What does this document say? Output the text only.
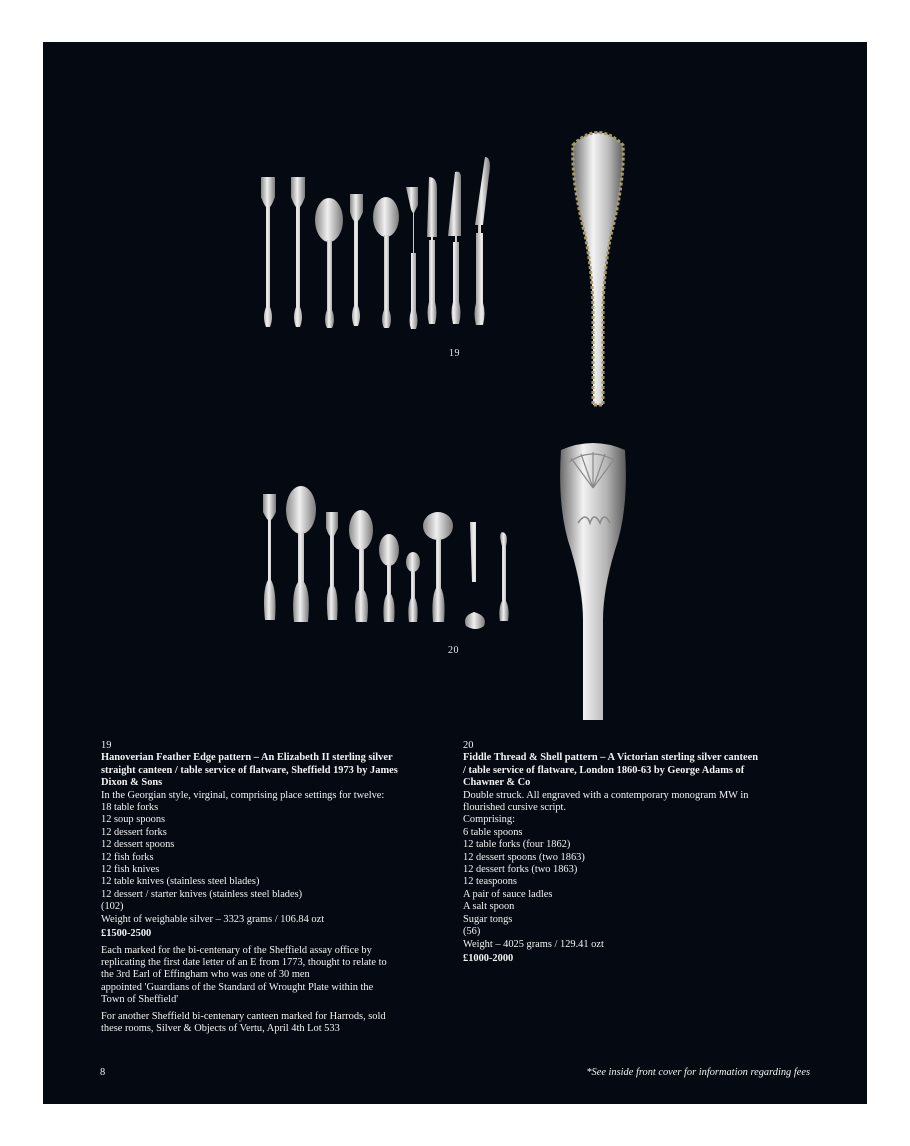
19
20
19
Hanoverian Feather Edge pattern – An Elizabeth II sterling silver
straight canteen / table service of flatware, Sheffield 1973 by James
Dixon & Sons
In the Georgian style, virginal, comprising place settings for twelve:
18 table forks
12 soup spoons
12 dessert forks
12 dessert spoons
12 fish forks
12 fish knives
12 table knives (stainless steel blades)
12 dessert / starter knives (stainless steel blades)
(102)
Weight of weighable silver – 3323 grams / 106.84 ozt
£1500-2500
Each marked for the bi-centenary of the Sheffield assay office by
replicating the first date letter of an E from 1773, thought to relate to
the 3rd Earl of Effingham who was one of 30 men
appointed 'Guardians of the Standard of Wrought Plate within the
Town of Sheffield'
For another Sheffield bi-centenary canteen marked for Harrods, sold
these rooms, Silver & Objects of Vertu, April 4th Lot 533
20
Fiddle Thread & Shell pattern – A Victorian sterling silver canteen
/ table service of flatware, London 1860-63 by George Adams of
Chawner & Co
Double struck. All engraved with a contemporary monogram MW in
flourished cursive script.
Comprising:
6 table spoons
12 table forks (four 1862)
12 dessert spoons (two 1863)
12 dessert forks (two 1863)
12 teaspoons
A pair of sauce ladles
A salt spoon
Sugar tongs
(56)
Weight – 4025 grams / 129.41 ozt
£1000-2000
8	*See inside front cover for information regarding fees
